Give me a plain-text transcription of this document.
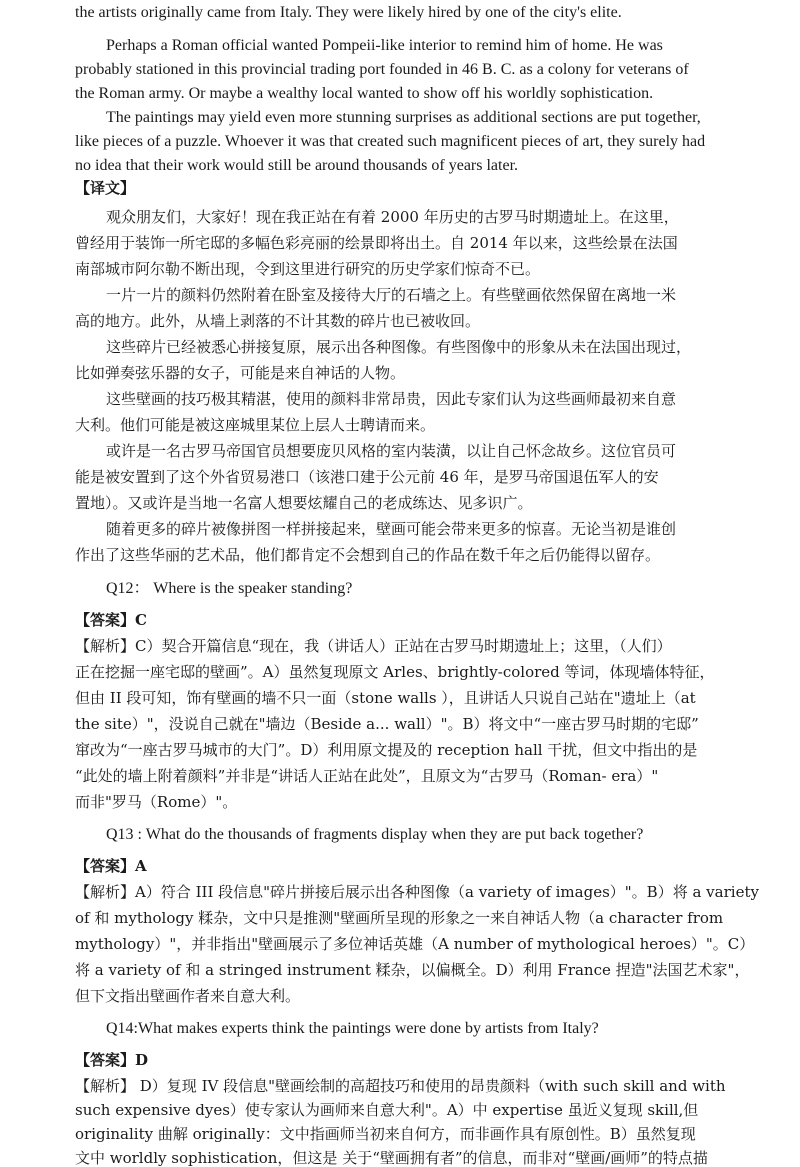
the artists originally came from Italy. They were likely hired by one of the city's elite.
Perhaps a Roman official wanted Pompeii-like interior to remind him of home. He was
probably stationed in this provincial trading port founded in 46 B. C. as a colony for veterans of
the Roman army. Or maybe a wealthy local wanted to show off his worldly sophistication.
The paintings may yield even more stunning surprises as additional sections are put together,
like pieces of a puzzle. Whoever it was that created such magnificent pieces of art, they surely had
no idea that their work would still be around thousands of years later.
【译文】
观众朋友们，大家好！现在我正站在有着 2000 年历史的古罗马时期遗址上。在这里，
曾经用于装饰一所宅邸的多幅色彩亮丽的绘景即将出土。自 2014 年以来，这些绘景在法国
南部城市阿尔勒不断出现，令到这里进行研究的历史学家们惊奇不已。
一片一片的颜料仍然附着在卧室及接待大厅的石墙之上。有些壁画依然保留在离地一米
高的地方。此外，从墙上剥落的不计其数的碎片也已被收回。
这些碎片已经被悉心拼接复原，展示出各种图像。有些图像中的形象从未在法国出现过，
比如弹奏弦乐器的女子，可能是来自神话的人物。
这些壁画的技巧极其精湛，使用的颜料非常昂贵，因此专家们认为这些画师最初来自意
大利。他们可能是被这座城里某位上层人士聘请而来。
或许是一名古罗马帝国官员想要庞贝风格的室内装潢，以让自己怀念故乡。这位官员可
能是被安置到了这个外省贸易港口（该港口建于公元前 46 年，是罗马帝国退伍军人的安
置地）。又或许是当地一名富人想要炫耀自己的老成练达、见多识广。
随着更多的碎片被像拼图一样拼接起来，壁画可能会带来更多的惊喜。无论当初是谁创
作出了这些华丽的艺术品，他们都肯定不会想到自己的作品在数千年之后仍能得以留存。
Q12： Where is the speaker standing?
【答案】C
【解析】C）契合开篇信息“现在，我（讲话人）正站在古罗马时期遗址上；这里，（人们）
正在挖掘一座宅邸的壁画”。A）虽然复现原文 Arles、brightly-colored 等词，体现墙体特征，
但由 II 段可知，饰有壁画的墙不只一面（stone walls ），且讲话人只说自己站在"遗址上（at
the site）"，没说自己就在"墙边（Beside a... wall）"。B）将文中“一座古罗马时期的宅邸”
窜改为“一座古罗马城市的大门”。D）利用原文提及的 reception hall 干扰，但文中指出的是
“此处的墙上附着颜料”并非是“讲话人正站在此处”，且原文为“古罗马（Roman- era）"
而非"罗马（Rome）"。
Q13 : What do the thousands of fragments display when they are put back together?
【答案】A
【解析】A）符合 III 段信息"碎片拼接后展示出各种图像（a variety of images）"。B）将 a variety
of 和 mythology 糅杂，文中只是推测"壁画所呈现的形象之一来自神话人物（a character from
mythology）"，并非指出"壁画展示了多位神话英雄（A number of mythological heroes）"。C）
将 a variety of 和 a stringed instrument 糅杂，以偏概全。D）利用 France 捏造"法国艺术家"，
但下文指出壁画作者来自意大利。
Q14:What makes experts think the paintings were done by artists from Italy?
【答案】D
【解析】 D）复现 IV 段信息"壁画绘制的高超技巧和使用的昂贵颜料（with such skill and with
such expensive dyes）使专家认为画师来自意大利"。A）中 expertise 虽近义复现 skill,但
originality 曲解 originally：文中指画师当初来自何方，而非画作具有原创性。B）虽然复现
文中 worldly sophistication，但这是 关于“壁画拥有者”的信息，而非对“壁画/画师”的特点描
